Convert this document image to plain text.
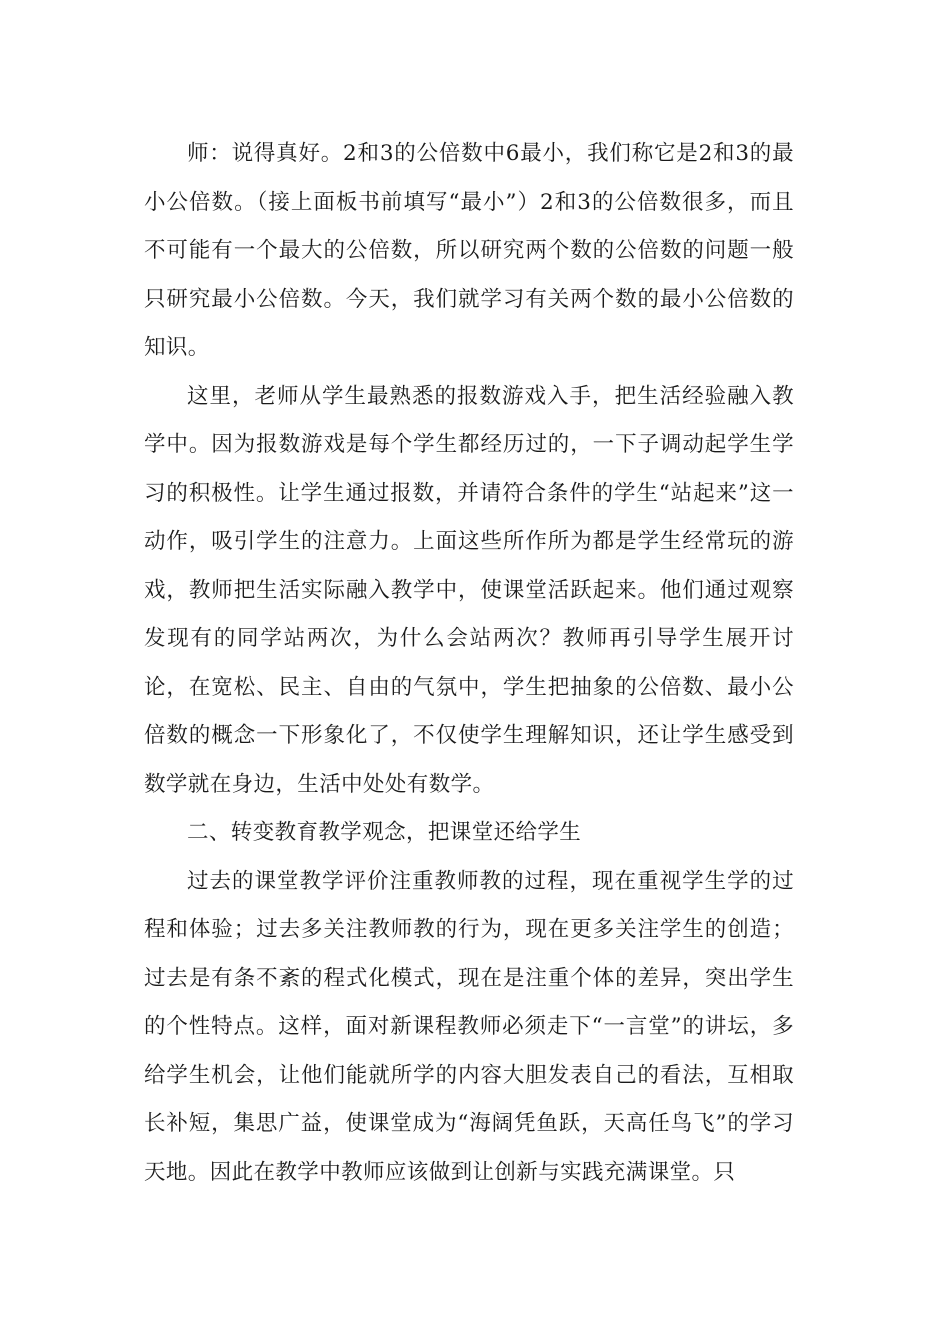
师：说得真好。2和3的公倍数中6最小，我们称它是2和3的最小公倍数。（接上面板书前填写“最小”）2和3的公倍数很多，而且不可能有一个最大的公倍数，所以研究两个数的公倍数的问题一般只研究最小公倍数。今天，我们就学习有关两个数的最小公倍数的知识。

这里，老师从学生最熟悉的报数游戏入手，把生活经验融入教学中。因为报数游戏是每个学生都经历过的，一下子调动起学生学习的积极性。让学生通过报数，并请符合条件的学生“站起来”这一动作，吸引学生的注意力。上面这些所作所为都是学生经常玩的游戏，教师把生活实际融入教学中，使课堂活跃起来。他们通过观察发现有的同学站两次，为什么会站两次？教师再引导学生展开讨论，在宽松、民主、自由的气氛中，学生把抽象的公倍数、最小公倍数的概念一下形象化了，不仅使学生理解知识，还让学生感受到数学就在身边，生活中处处有数学。

二、转变教育教学观念，把课堂还给学生

过去的课堂教学评价注重教师教的过程，现在重视学生学的过程和体验；过去多关注教师教的行为，现在更多关注学生的创造；过去是有条不紊的程式化模式，现在是注重个体的差异，突出学生的个性特点。这样，面对新课程教师必须走下“一言堂”的讲坛，多给学生机会，让他们能就所学的内容大胆发表自己的看法，互相取长补短，集思广益，使课堂成为“海阔凭鱼跃，天高任鸟飞”的学习天地。因此在教学中教师应该做到让创新与实践充满课堂。只
